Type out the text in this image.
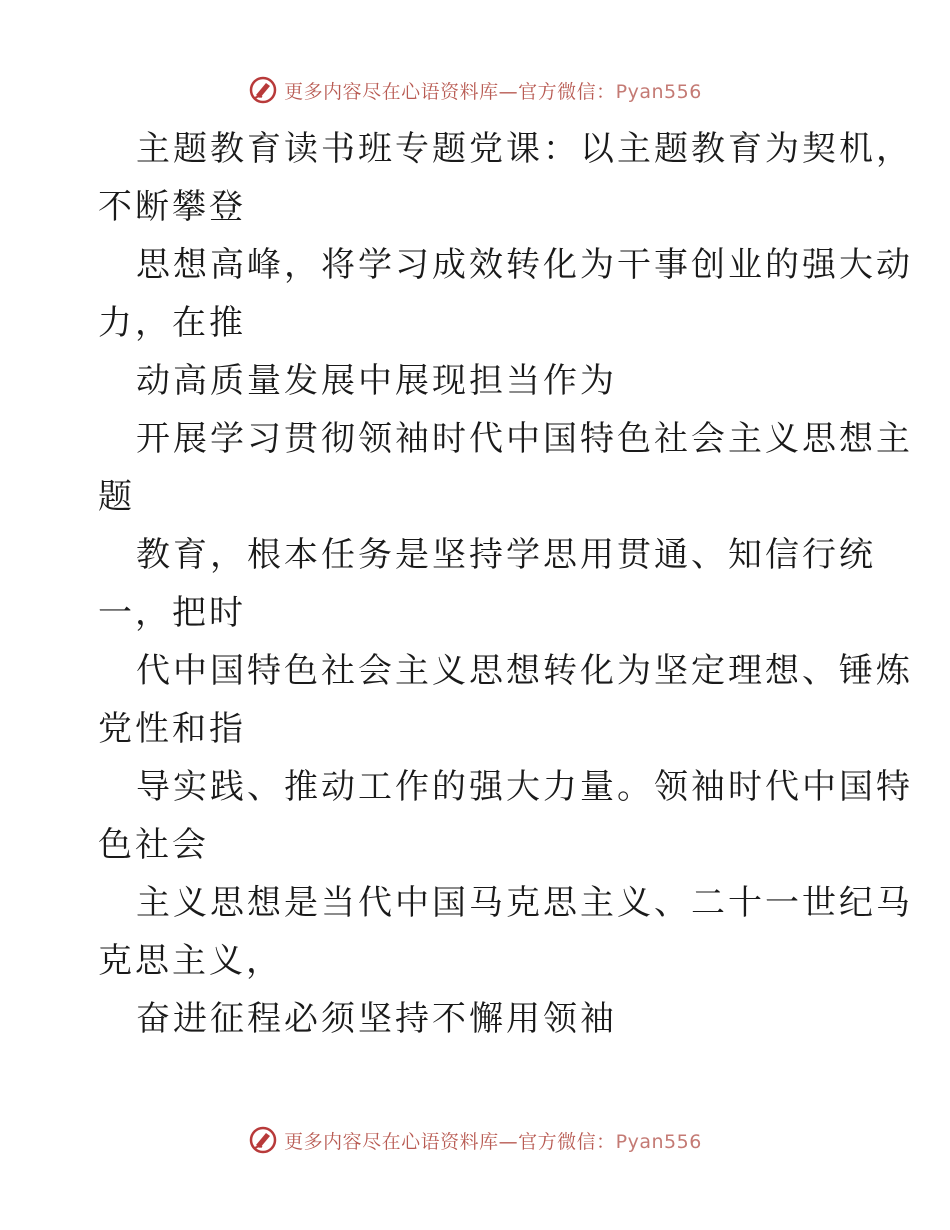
更多内容尽在心语资料库—官方微信：Pyan556
主题教育读书班专题党课：以主题教育为契机，
不断攀登
思想高峰，将学习成效转化为干事创业的强大动
力，在推
动高质量发展中展现担当作为
开展学习贯彻领袖时代中国特色社会主义思想主
题
教育，根本任务是坚持学思用贯通、知信行统
一，把时
代中国特色社会主义思想转化为坚定理想、锤炼
党性和指
导实践、推动工作的强大力量。领袖时代中国特
色社会
主义思想是当代中国马克思主义、二十一世纪马
克思主义，
奋进征程必须坚持不懈用领袖
更多内容尽在心语资料库—官方微信：Pyan556
